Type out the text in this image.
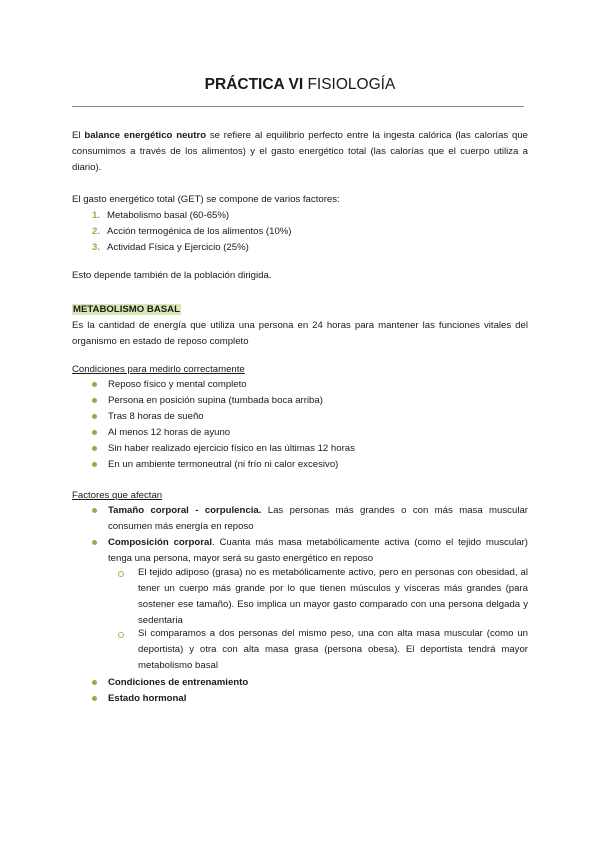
PRÁCTICA VI FISIOLOGÍA
El balance energético neutro se refiere al equilibrio perfecto entre la ingesta calórica (las calorías que consumimos a través de los alimentos) y el gasto energético total (las calorías que el cuerpo utiliza a diario).
El gasto energético total (GET) se compone de varios factores:
1. Metabolismo basal (60-65%)
2. Acción termogénica de los alimentos (10%)
3. Actividad Física y Ejercicio (25%)
Esto depende también de la población dirigida.
METABOLISMO BASAL
Es la cantidad de energía que utiliza una persona en 24 horas para mantener las funciones vitales del organismo en estado de reposo completo
Condiciones para medirlo correctamente
Reposo físico y mental completo
Persona en posición supina (tumbada boca arriba)
Tras 8 horas de sueño
Al menos 12 horas de ayuno
Sin haber realizado ejercicio físico en las últimas 12 horas
En un ambiente termoneutral (ni frío ni calor excesivo)
Factores que afectan
Tamaño corporal - corpulencia. Las personas más grandes o con más masa muscular consumen más energía en reposo
Composición corporal. Cuanta más masa metabólicamente activa (como el tejido muscular) tenga una persona, mayor será su gasto energético en reposo
El tejido adiposo (grasa) no es metabólicamente activo, pero en personas con obesidad, al tener un cuerpo más grande por lo que tienen músculos y vísceras más grandes (para sostener ese tamaño). Eso implica un mayor gasto comparado con una persona delgada y sedentaria
Si comparamos a dos personas del mismo peso, una con alta masa muscular (como un deportista) y otra con alta masa grasa (persona obesa). El deportista tendrá mayor metabolismo basal
Condiciones de entrenamiento
Estado hormonal
